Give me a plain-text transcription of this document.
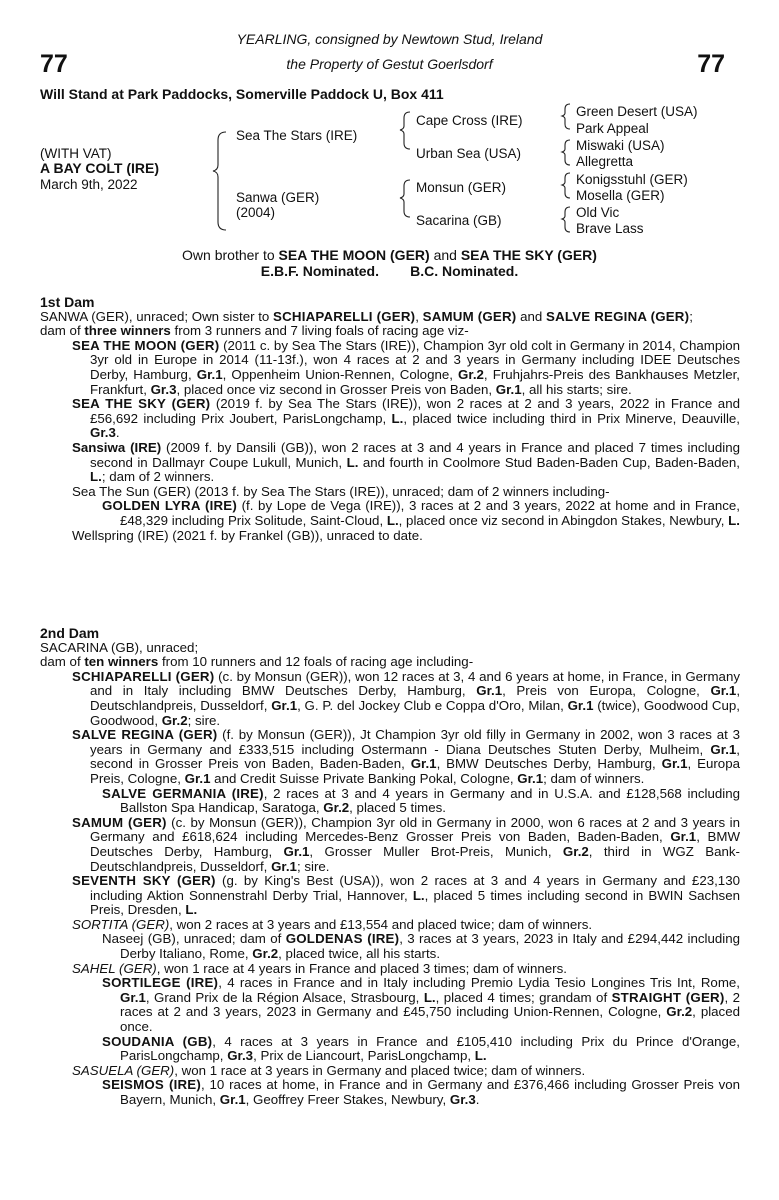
77	77
YEARLING, consigned by Newtown Stud, Ireland
the Property of Gestut Goerlsdorf
Will Stand at Park Paddocks, Somerville Paddock U, Box 411
(WITH VAT)
A BAY COLT (IRE)
March 9th, 2022
Sea The Stars (IRE)
Sanwa (GER)
(2004)
Cape Cross (IRE)
Urban Sea (USA)
Monsun (GER)
Sacarina (GB)
Green Desert (USA)
Park Appeal
Miswaki (USA)
Allegretta
Konigsstuhl (GER)
Mosella (GER)
Old Vic
Brave Lass
Own brother to SEA THE MOON (GER) and SEA THE SKY (GER)
E.B.F. Nominated. B.C. Nominated.

1st Dam

SANWA (GER), unraced; Own sister to SCHIAPARELLI (GER), SAMUM (GER) and SALVE REGINA (GER);

dam of three winners from 3 runners and 7 living foals of racing age viz-

SEA THE MOON (GER) (2011 c. by Sea The Stars (IRE)), Champion 3yr old colt in Germany in 2014, Champion 3yr old in Europe in 2014 (11-13f.), won 4 races at 2 and 3 years in Germany including IDEE Deutsches Derby, Hamburg, Gr.1, Oppenheim Union-Rennen, Cologne, Gr.2, Fruhjahrs-Preis des Bankhauses Metzler, Frankfurt, Gr.3, placed once viz second in Grosser Preis von Baden, Gr.1, all his starts; sire.

SEA THE SKY (GER) (2019 f. by Sea The Stars (IRE)), won 2 races at 2 and 3 years, 2022 in France and £56,692 including Prix Joubert, ParisLongchamp, L., placed twice including third in Prix Minerve, Deauville, Gr.3.

Sansiwa (IRE) (2009 f. by Dansili (GB)), won 2 races at 3 and 4 years in France and placed 7 times including second in Dallmayr Coupe Lukull, Munich, L. and fourth in Coolmore Stud Baden-Baden Cup, Baden-Baden, L.; dam of 2 winners.

Sea The Sun (GER) (2013 f. by Sea The Stars (IRE)), unraced; dam of 2 winners including-

GOLDEN LYRA (IRE) (f. by Lope de Vega (IRE)), 3 races at 2 and 3 years, 2022 at home and in France, £48,329 including Prix Solitude, Saint-Cloud, L., placed once viz second in Abingdon Stakes, Newbury, L.

Wellspring (IRE) (2021 f. by Frankel (GB)), unraced to date.

2nd Dam

SACARINA (GB), unraced;

dam of ten winners from 10 runners and 12 foals of racing age including-

SCHIAPARELLI (GER) (c. by Monsun (GER)), won 12 races at 3, 4 and 6 years at home, in France, in Germany and in Italy including BMW Deutsches Derby, Hamburg, Gr.1, Preis von Europa, Cologne, Gr.1, Deutschlandpreis, Dusseldorf, Gr.1, G. P. del Jockey Club e Coppa d'Oro, Milan, Gr.1 (twice), Goodwood Cup, Goodwood, Gr.2; sire.

SALVE REGINA (GER) (f. by Monsun (GER)), Jt Champion 3yr old filly in Germany in 2002, won 3 races at 3 years in Germany and £333,515 including Ostermann - Diana Deutsches Stuten Derby, Mulheim, Gr.1, second in Grosser Preis von Baden, Baden-Baden, Gr.1, BMW Deutsches Derby, Hamburg, Gr.1, Europa Preis, Cologne, Gr.1 and Credit Suisse Private Banking Pokal, Cologne, Gr.1; dam of winners.

SALVE GERMANIA (IRE), 2 races at 3 and 4 years in Germany and in U.S.A. and £128,568 including Ballston Spa Handicap, Saratoga, Gr.2, placed 5 times.

SAMUM (GER) (c. by Monsun (GER)), Champion 3yr old in Germany in 2000, won 6 races at 2 and 3 years in Germany and £618,624 including Mercedes-Benz Grosser Preis von Baden, Baden-Baden, Gr.1, BMW Deutsches Derby, Hamburg, Gr.1, Grosser Muller Brot-Preis, Munich, Gr.2, third in WGZ Bank-Deutschlandpreis, Dusseldorf, Gr.1; sire.

SEVENTH SKY (GER) (g. by King's Best (USA)), won 2 races at 3 and 4 years in Germany and £23,130 including Aktion Sonnenstrahl Derby Trial, Hannover, L., placed 5 times including second in BWIN Sachsen Preis, Dresden, L.

SORTITA (GER), won 2 races at 3 years and £13,554 and placed twice; dam of winners.

Naseej (GB), unraced; dam of GOLDENAS (IRE), 3 races at 3 years, 2023 in Italy and £294,442 including Derby Italiano, Rome, Gr.2, placed twice, all his starts.

SAHEL (GER), won 1 race at 4 years in France and placed 3 times; dam of winners.

SORTILEGE (IRE), 4 races in France and in Italy including Premio Lydia Tesio Longines Tris Int, Rome, Gr.1, Grand Prix de la Région Alsace, Strasbourg, L., placed 4 times; grandam of STRAIGHT (GER), 2 races at 2 and 3 years, 2023 in Germany and £45,750 including Union-Rennen, Cologne, Gr.2, placed once.

SOUDANIA (GB), 4 races at 3 years in France and £105,410 including Prix du Prince d'Orange, ParisLongchamp, Gr.3, Prix de Liancourt, ParisLongchamp, L.

SASUELA (GER), won 1 race at 3 years in Germany and placed twice; dam of winners.

SEISMOS (IRE), 10 races at home, in France and in Germany and £376,466 including Grosser Preis von Bayern, Munich, Gr.1, Geoffrey Freer Stakes, Newbury, Gr.3.
